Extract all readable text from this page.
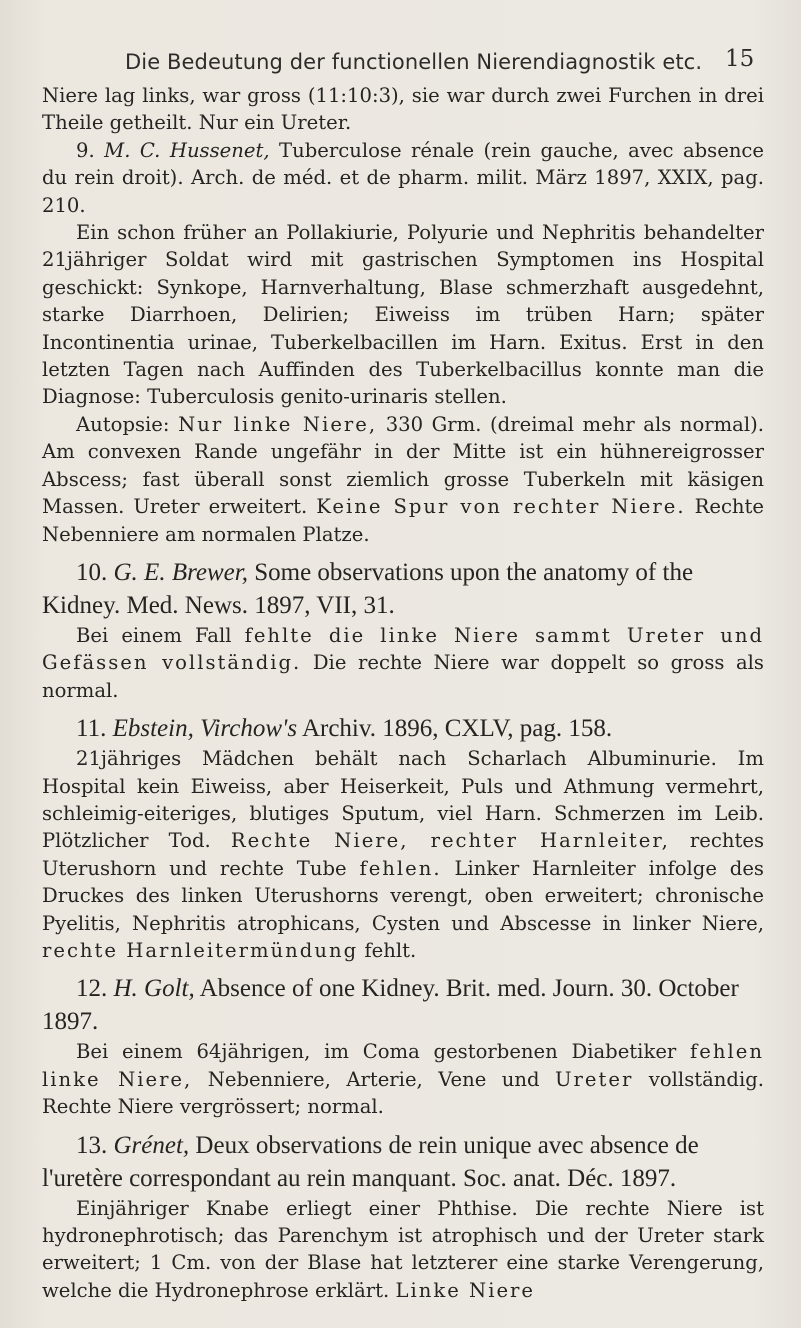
Die Bedeutung der functionellen Nierendiagnostik etc. 15

Niere lag links, war gross (11:10:3), sie war durch zwei Furchen in drei Theile getheilt. Nur ein Ureter.

9. M. C. Hussenet, Tuberculose rénale (rein gauche, avec absence du rein droit). Arch. de méd. et de pharm. milit. März 1897, XXIX, pag. 210.

Ein schon früher an Pollakiurie, Polyurie und Nephritis behandelter 21jähriger Soldat wird mit gastrischen Symptomen ins Hospital geschickt: Synkope, Harnverhaltung, Blase schmerzhaft ausgedehnt, starke Diarrhoen, Delirien; Eiweiss im trüben Harn; später Incontinentia urinae, Tuberkelbacillen im Harn. Exitus. Erst in den letzten Tagen nach Auffinden des Tuberkelbacillus konnte man die Diagnose: Tuberculosis genito-urinaris stellen.

Autopsie: Nur linke Niere, 330 Grm. (dreimal mehr als normal). Am convexen Rande ungefähr in der Mitte ist ein hühnereigrosser Abscess; fast überall sonst ziemlich grosse Tuberkeln mit käsigen Massen. Ureter erweitert. Keine Spur von rechter Niere. Rechte Nebenniere am normalen Platze.

10. G. E. Brewer, Some observations upon the anatomy of the Kidney. Med. News. 1897, VII, 31.

Bei einem Fall fehlte die linke Niere sammt Ureter und Gefässen vollständig. Die rechte Niere war doppelt so gross als normal.

11. Ebstein, Virchow's Archiv. 1896, CXLV, pag. 158.

21jähriges Mädchen behält nach Scharlach Albuminurie. Im Hospital kein Eiweiss, aber Heiserkeit, Puls und Athmung vermehrt, schleimig-eiteriges, blutiges Sputum, viel Harn. Schmerzen im Leib. Plötzlicher Tod. Rechte Niere, rechter Harnleiter, rechtes Uterushorn und rechte Tube fehlen. Linker Harnleiter infolge des Druckes des linken Uterushorns verengt, oben erweitert; chronische Pyelitis, Nephritis atrophicans, Cysten und Abscesse in linker Niere, rechte Harnleitermündung fehlt.

12. H. Golt, Absence of one Kidney. Brit. med. Journ. 30. October 1897.

Bei einem 64jährigen, im Coma gestorbenen Diabetiker fehlen linke Niere, Nebenniere, Arterie, Vene und Ureter vollständig. Rechte Niere vergrössert; normal.

13. Grénet, Deux observations de rein unique avec absence de l'uretère correspondant au rein manquant. Soc. anat. Déc. 1897.

Einjähriger Knabe erliegt einer Phthise. Die rechte Niere ist hydronephrotisch; das Parenchym ist atrophisch und der Ureter stark erweitert; 1 Cm. von der Blase hat letzterer eine starke Verengerung, welche die Hydronephrose erklärt. Linke Niere
